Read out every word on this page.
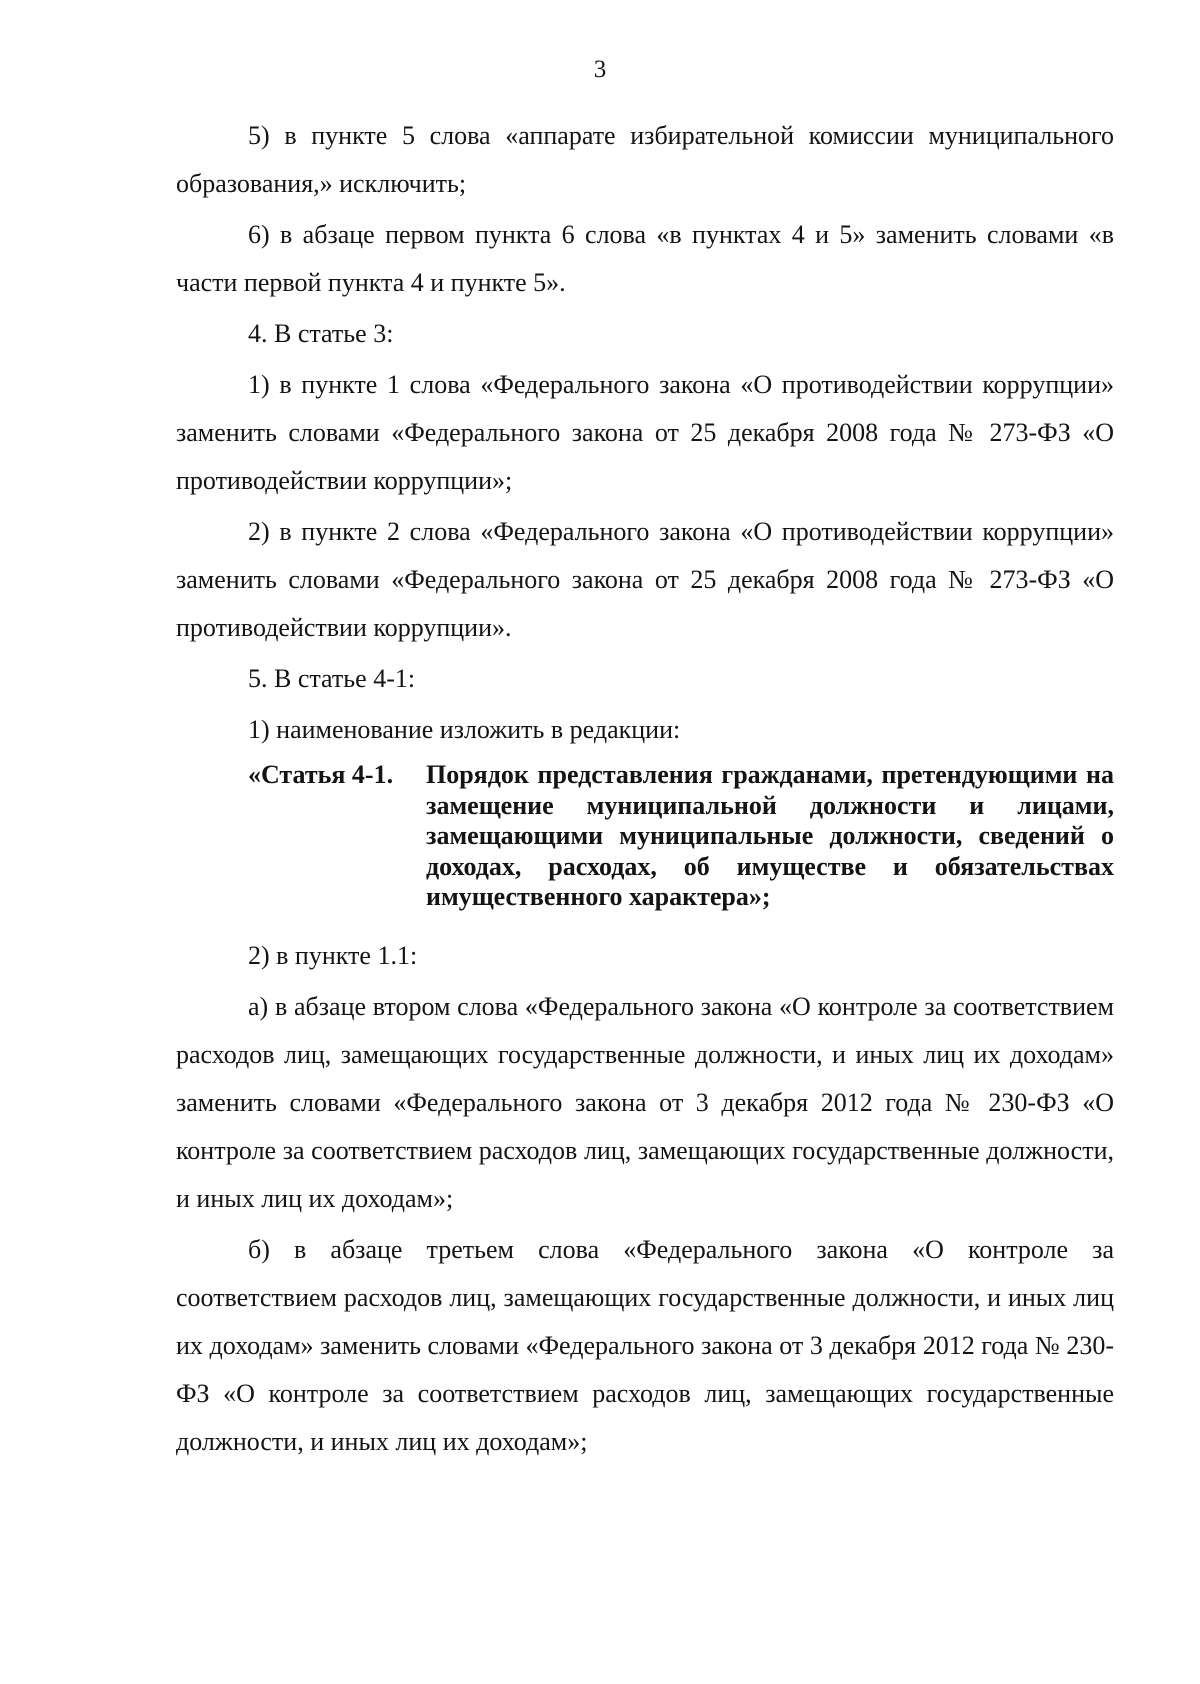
3

5) в пункте 5 слова «аппарате избирательной комиссии муниципального образования,» исключить;

6) в абзаце первом пункта 6 слова «в пунктах 4 и 5» заменить словами «в части первой пункта 4 и пункте 5».

4. В статье 3:

1) в пункте 1 слова «Федерального закона «О противодействии коррупции» заменить словами «Федерального закона от 25 декабря 2008 года № 273-ФЗ «О противодействии коррупции»;

2) в пункте 2 слова «Федерального закона «О противодействии коррупции» заменить словами «Федерального закона от 25 декабря 2008 года № 273-ФЗ «О противодействии коррупции».

5. В статье 4-1:

1) наименование изложить в редакции:

«Статья 4-1.	Порядок представления гражданами, претендующими на замещение муниципальной должности и лицами, замещающими муниципальные должности, сведений о доходах, расходах, об имуществе и обязательствах имущественного характера»;

2) в пункте 1.1:

а) в абзаце втором слова «Федерального закона «О контроле за соответствием расходов лиц, замещающих государственные должности, и иных лиц их доходам» заменить словами «Федерального закона от 3 декабря 2012 года № 230-ФЗ «О контроле за соответствием расходов лиц, замещающих государственные должности, и иных лиц их доходам»;

б) в абзаце третьем слова «Федерального закона «О контроле за соответствием расходов лиц, замещающих государственные должности, и иных лиц их доходам» заменить словами «Федерального закона от 3 декабря 2012 года № 230-ФЗ «О контроле за соответствием расходов лиц, замещающих государственные должности, и иных лиц их доходам»;
